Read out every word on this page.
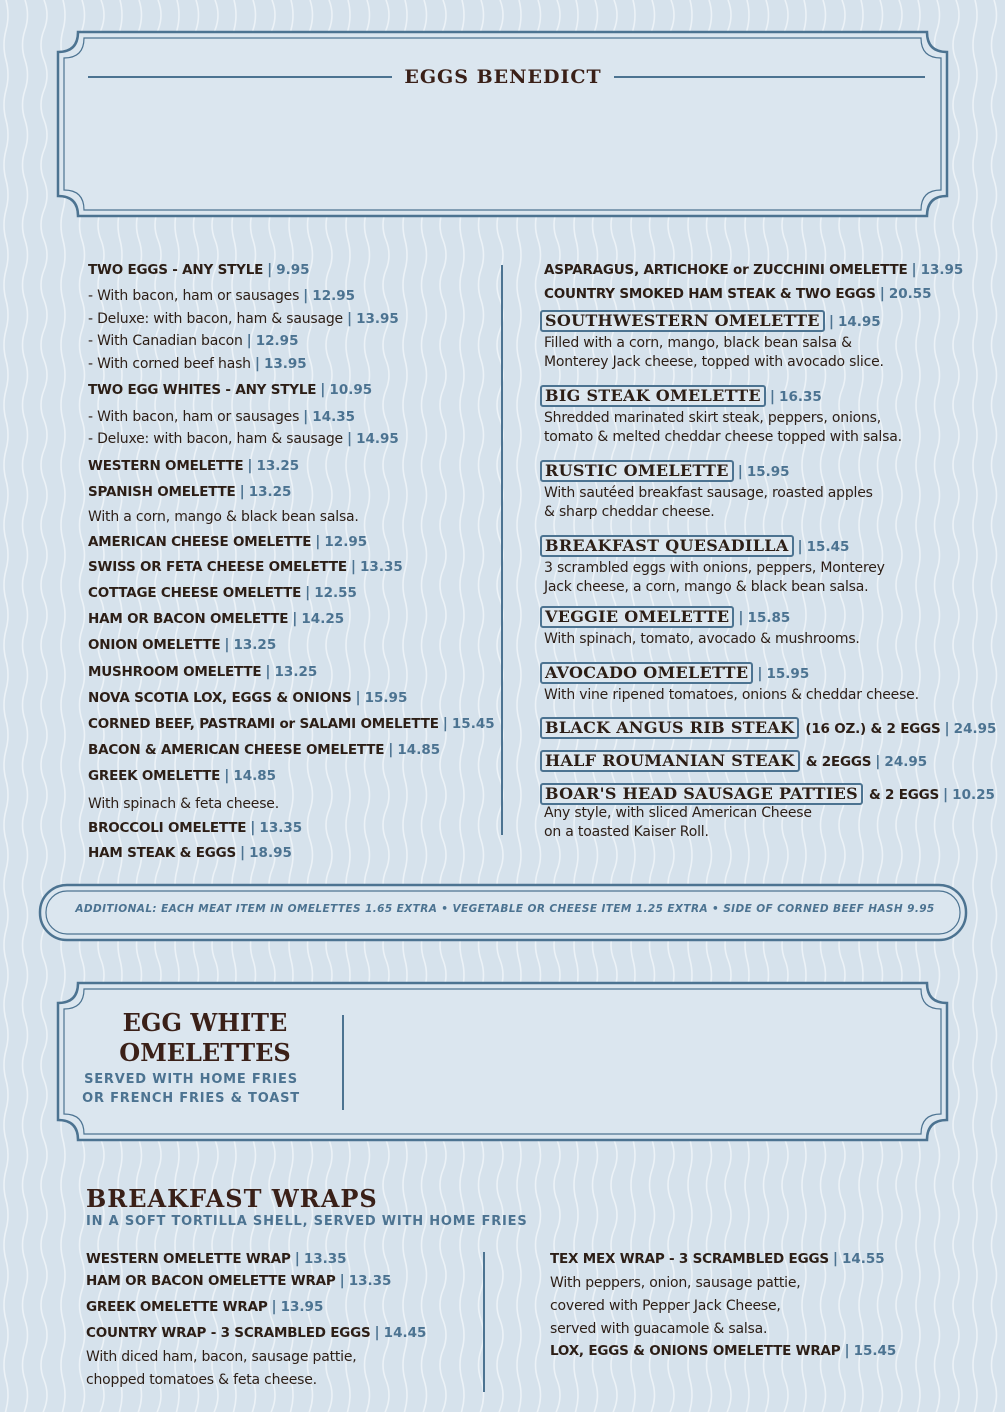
EGGS BENEDICT
TWO EGGS - ANY STYLE | 9.95
- With bacon, ham or sausages | 12.95
- Deluxe: with bacon, ham & sausage | 13.95
- With Canadian bacon | 12.95
- With corned beef hash | 13.95
TWO EGG WHITES - ANY STYLE | 10.95
- With bacon, ham or sausages | 14.35
- Deluxe: with bacon, ham & sausage | 14.95
WESTERN OMELETTE | 13.25
SPANISH OMELETTE | 13.25
With a corn, mango & black bean salsa.
AMERICAN CHEESE OMELETTE | 12.95
SWISS OR FETA CHEESE OMELETTE | 13.35
COTTAGE CHEESE OMELETTE | 12.55
HAM OR BACON OMELETTE | 14.25
ONION OMELETTE | 13.25
MUSHROOM OMELETTE | 13.25
NOVA SCOTIA LOX, EGGS & ONIONS | 15.95
CORNED BEEF, PASTRAMI or SALAMI OMELETTE | 15.45
BACON & AMERICAN CHEESE OMELETTE | 14.85
GREEK OMELETTE | 14.85
With spinach & feta cheese.
BROCCOLI OMELETTE | 13.35
HAM STEAK & EGGS | 18.95
ASPARAGUS, ARTICHOKE or ZUCCHINI OMELETTE | 13.95
COUNTRY SMOKED HAM STEAK & TWO EGGS | 20.55
SOUTHWESTERN OMELETTE | 14.95
Filled with a corn, mango, black bean salsa &
Monterey Jack cheese, topped with avocado slice.
BIG STEAK OMELETTE | 16.35
Shredded marinated skirt steak, peppers, onions,
tomato & melted cheddar cheese topped with salsa.
RUSTIC OMELETTE | 15.95
With sautéed breakfast sausage, roasted apples
& sharp cheddar cheese.
BREAKFAST QUESADILLA | 15.45
3 scrambled eggs with onions, peppers, Monterey
Jack cheese, a corn, mango & black bean salsa.
VEGGIE OMELETTE | 15.85
With spinach, tomato, avocado & mushrooms.
AVOCADO OMELETTE | 15.95
With vine ripened tomatoes, onions & cheddar cheese.
BLACK ANGUS RIB STEAK (16 OZ.) & 2 EGGS | 24.95
HALF ROUMANIAN STEAK & 2EGGS | 24.95
BOAR'S HEAD SAUSAGE PATTIES & 2 EGGS | 10.25
Any style, with sliced American Cheese
on a toasted Kaiser Roll.
ADDITIONAL: EACH MEAT ITEM IN OMELETTES 1.65 EXTRA • VEGETABLE OR CHEESE ITEM 1.25 EXTRA • SIDE OF CORNED BEEF HASH 9.95
EGG WHITE
OMELETTES
SERVED WITH HOME FRIES
OR FRENCH FRIES & TOAST
BREAKFAST WRAPS
IN A SOFT TORTILLA SHELL, SERVED WITH HOME FRIES
WESTERN OMELETTE WRAP | 13.35
HAM OR BACON OMELETTE WRAP | 13.35
GREEK OMELETTE WRAP | 13.95
COUNTRY WRAP - 3 SCRAMBLED EGGS | 14.45
With diced ham, bacon, sausage pattie,
chopped tomatoes & feta cheese.
TEX MEX WRAP - 3 SCRAMBLED EGGS | 14.55
With peppers, onion, sausage pattie,
covered with Pepper Jack Cheese,
served with guacamole & salsa.
LOX, EGGS & ONIONS OMELETTE WRAP | 15.45
